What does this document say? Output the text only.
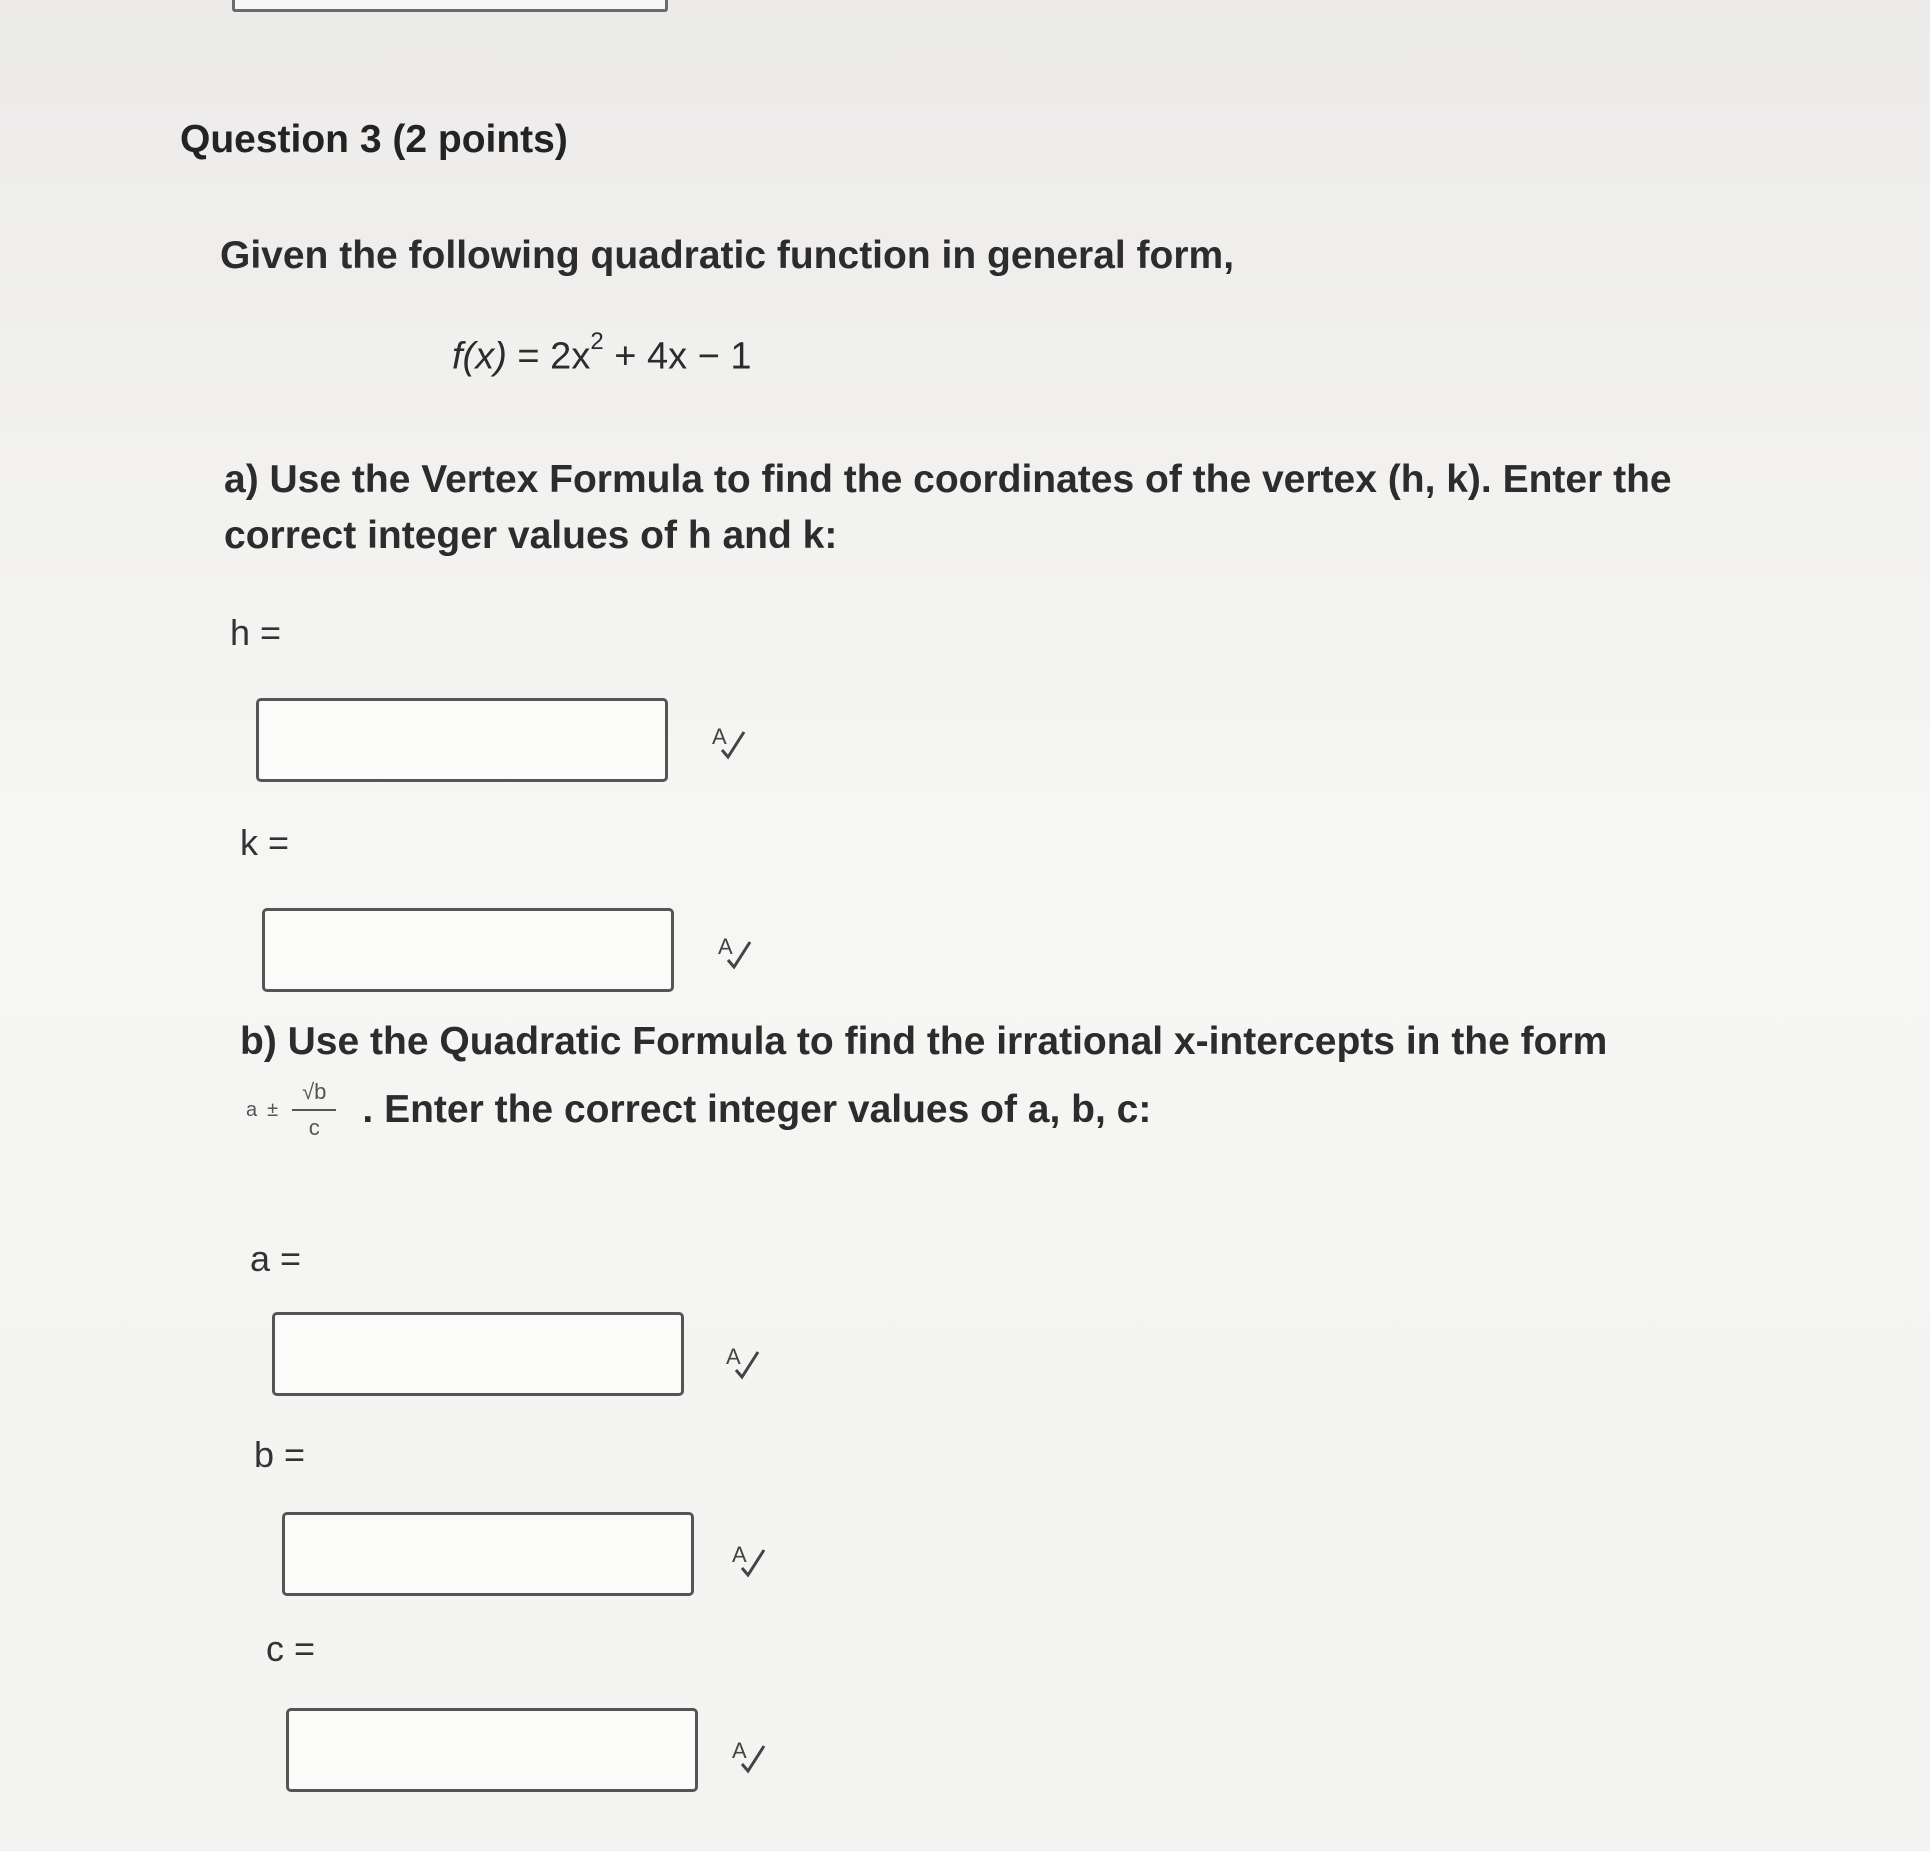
Question 3 (2 points)
Given the following quadratic function in general form,
$f(x) = 2x^2 + 4x - 1$
a) Use the Vertex Formula to find the coordinates of the vertex (h, k). Enter the correct integer values of h and k:
h =
A
k =
A
b) Use the Quadratic Formula to find the irrational x-intercepts in the form
$a \pm \frac{√b}{c}$ . Enter the correct integer values of a, b, c:
a =
A
b =
A
c =
A
